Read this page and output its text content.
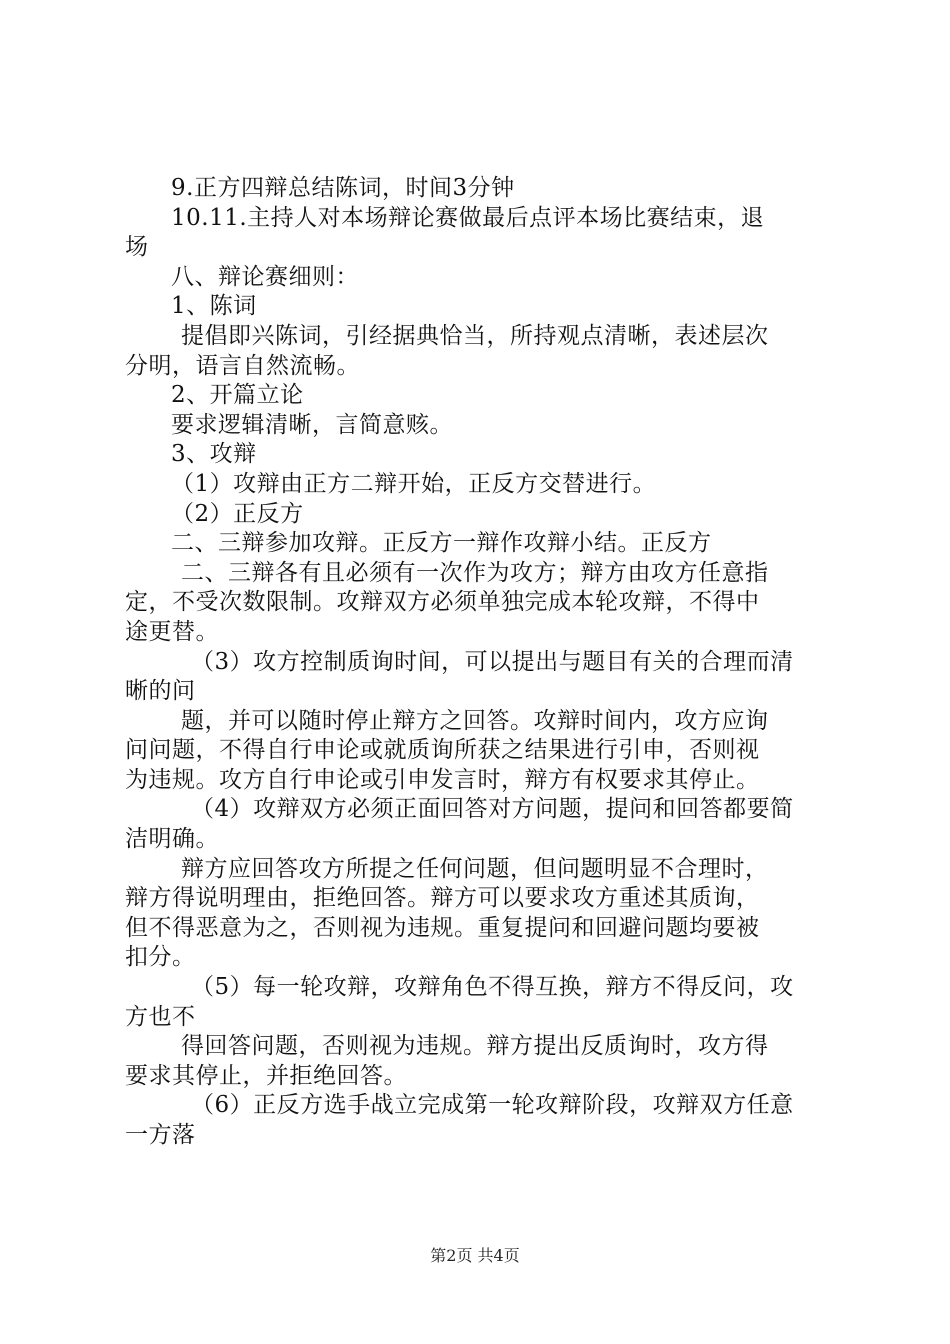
9.正方四辩总结陈词，时间3分钟
10.11.主持人对本场辩论赛做最后点评本场比赛结束，退
场
八、辩论赛细则：
1、陈词
提倡即兴陈词，引经据典恰当，所持观点清晰，表述层次
分明，语言自然流畅。
2、开篇立论
要求逻辑清晰，言简意赅。
3、攻辩
（1）攻辩由正方二辩开始，正反方交替进行。
（2）正反方
二、三辩参加攻辩。正反方一辩作攻辩小结。正反方
二、三辩各有且必须有一次作为攻方；辩方由攻方任意指
定，不受次数限制。攻辩双方必须单独完成本轮攻辩，不得中
途更替。
（3）攻方控制质询时间，可以提出与题目有关的合理而清
晰的问
题，并可以随时停止辩方之回答。攻辩时间内，攻方应询
问问题，不得自行申论或就质询所获之结果进行引申，否则视
为违规。攻方自行申论或引申发言时，辩方有权要求其停止。
（4）攻辩双方必须正面回答对方问题，提问和回答都要简
洁明确。
辩方应回答攻方所提之任何问题，但问题明显不合理时，
辩方得说明理由，拒绝回答。辩方可以要求攻方重述其质询，
但不得恶意为之，否则视为违规。重复提问和回避问题均要被
扣分。
（5）每一轮攻辩，攻辩角色不得互换，辩方不得反问，攻
方也不
得回答问题，否则视为违规。辩方提出反质询时，攻方得
要求其停止，并拒绝回答。
（6）正反方选手战立完成第一轮攻辩阶段，攻辩双方任意
一方落
第2页 共4页
